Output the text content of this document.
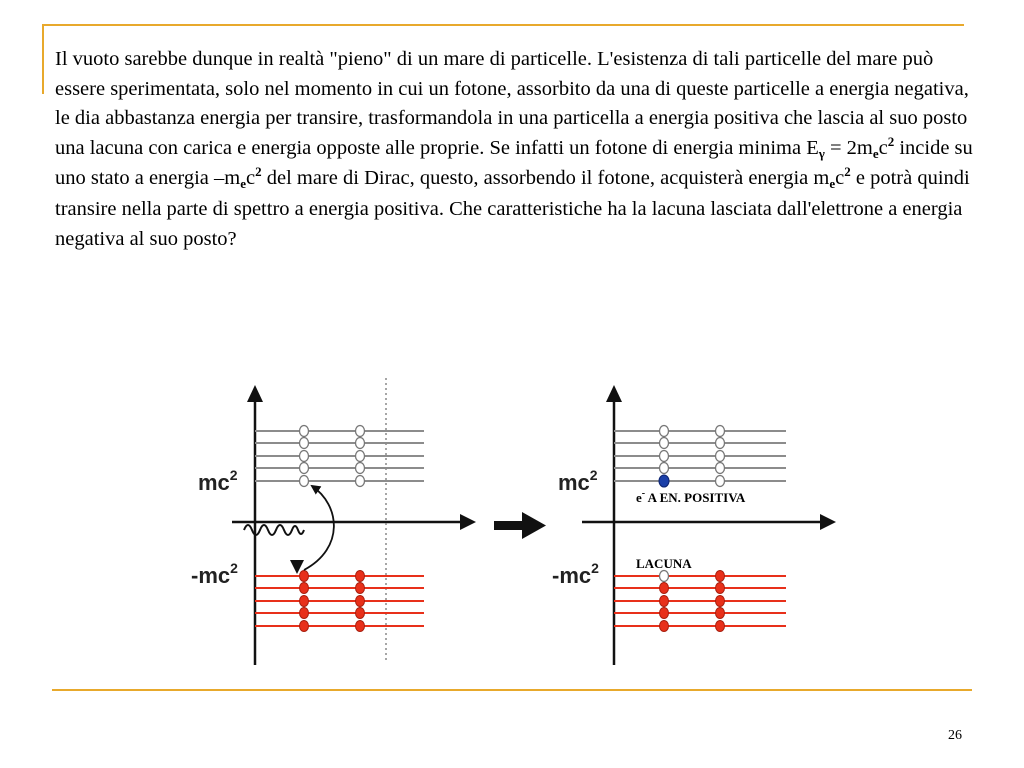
Il vuoto sarebbe dunque in realtà "pieno" di un mare di particelle. L'esistenza di tali particelle del mare può essere sperimentata, solo nel momento in cui un fotone, assorbito da una di queste particelle a energia negativa, le dia abbastanza energia per transire, trasformandola in una particella a energia positiva che lascia al suo posto una lacuna con carica e energia opposte alle proprie. Se infatti un fotone di energia minima Eγ = 2mec$^2$ incide su uno stato a energia –mec$^2$ del mare di Dirac, questo, assorbendo il fotone, acquisterà energia mec$^2$ e potrà quindi transire nella parte di spettro a energia positiva. Che caratteristiche ha la lacuna lasciata dall'elettrone a energia negativa al suo posto?

$mc^2$
$-mc^2$
$mc^2$
$-mc^2$
e- A EN. POSITIVA
LACUNA
26
